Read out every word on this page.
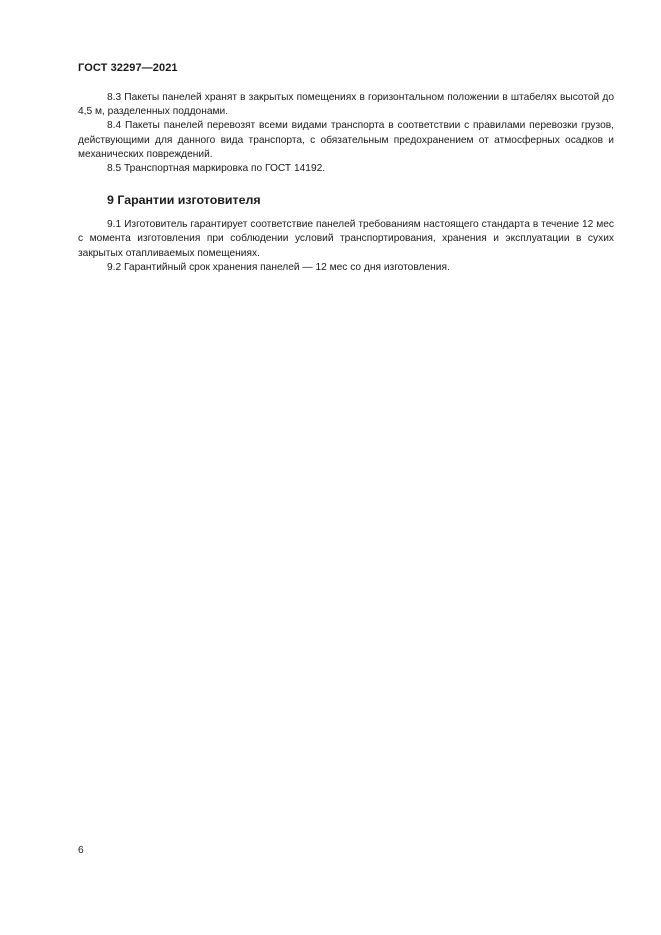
ГОСТ 32297—2021

8.3 Пакеты панелей хранят в закрытых помещениях в горизонтальном положении в штабелях высотой до 4,5 м, разделенных поддонами.

8.4 Пакеты панелей перевозят всеми видами транспорта в соответствии с правилами перевозки грузов, действующими для данного вида транспорта, с обязательным предохранением от атмосферных осадков и механических повреждений.

8.5 Транспортная маркировка по ГОСТ 14192.

9 Гарантии изготовителя

9.1 Изготовитель гарантирует соответствие панелей требованиям настоящего стандарта в течение 12 мес с момента изготовления при соблюдении условий транспортирования, хранения и эксплуатации в сухих закрытых отапливаемых помещениях.

9.2 Гарантийный срок хранения панелей — 12 мес со дня изготовления.

6
